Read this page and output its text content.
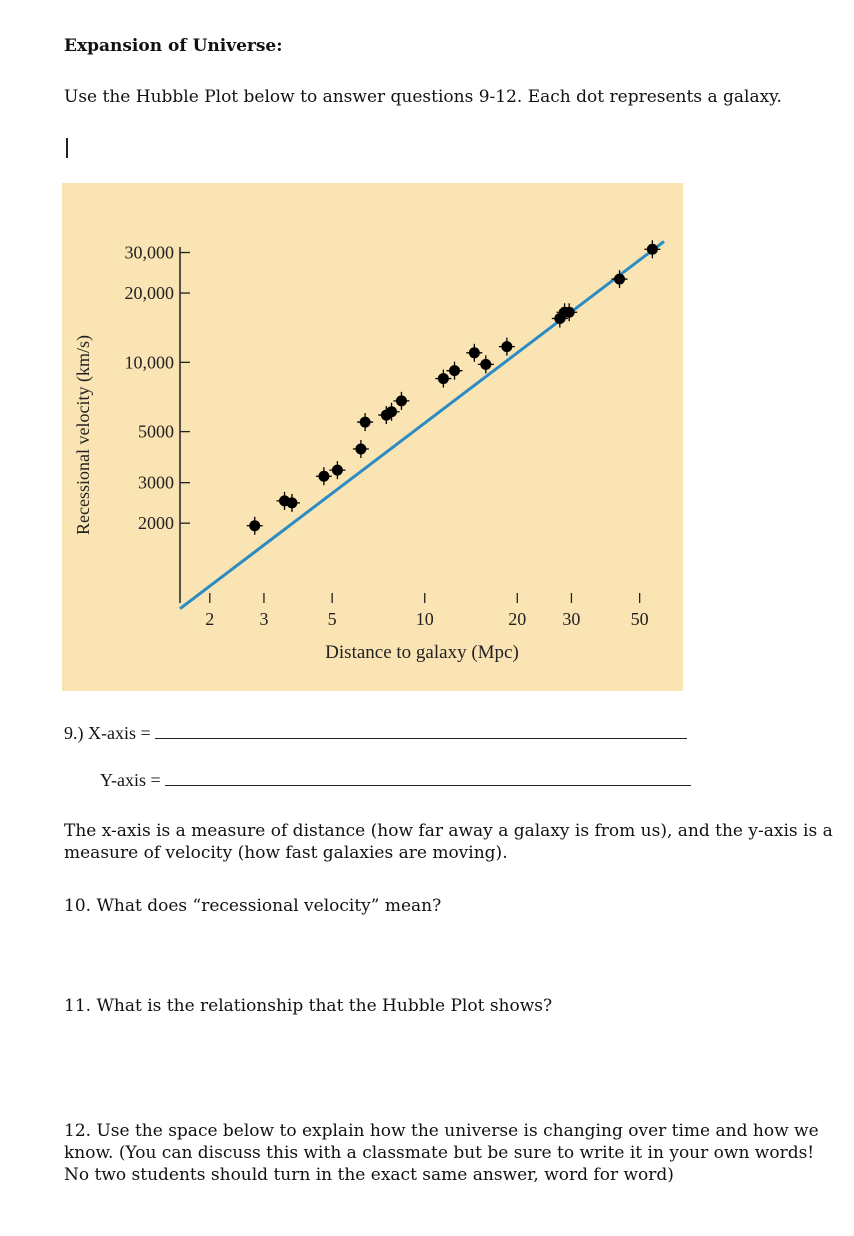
Expansion of Universe:
Use the Hubble Plot below to answer questions 9-12. Each dot represents a galaxy.
Recessional velocity (km/s)
Distance to galaxy (Mpc)
2000
3000
5000
10,000
20,000
30,000
2	3	5	10	20 30	50
9.) X-axis =
Y-axis =
The x-axis is a measure of distance (how far away a galaxy is from us), and the y-axis is a measure of velocity (how fast galaxies are moving).
10. What does “recessional velocity” mean?
11. What is the relationship that the Hubble Plot shows?
12. Use the space below to explain how the universe is changing over time and how we know. (You can discuss this with a classmate but be sure to write it in your own words! No two students should turn in the exact same answer, word for word)
